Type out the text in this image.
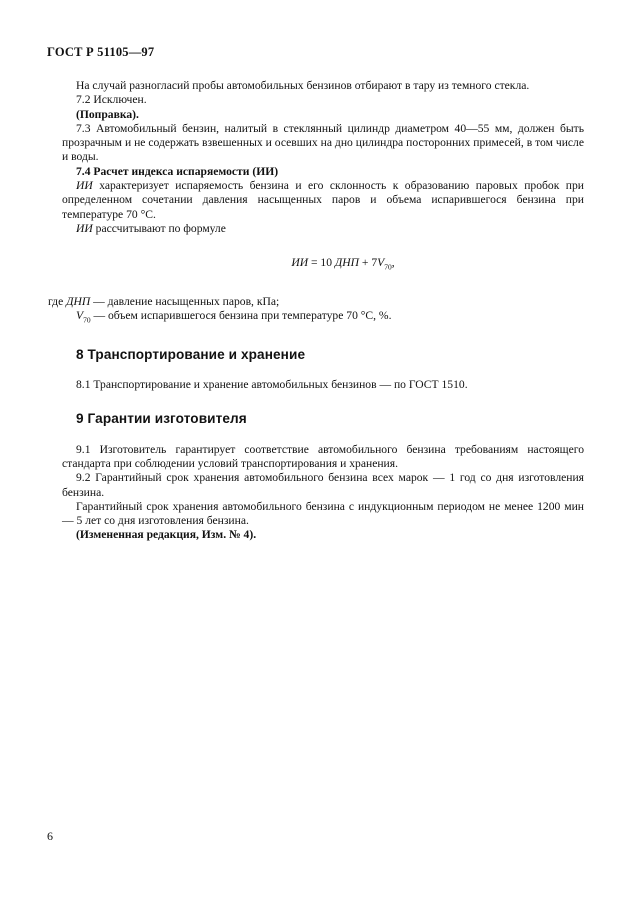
ГОСТ Р 51105—97

На случай разногласий пробы автомобильных бензинов отбирают в тару из темного стекла.

7.2 Исключен.

(Поправка).

7.3 Автомобильный бензин, налитый в стеклянный цилиндр диаметром 40—55 мм, должен быть прозрачным и не содержать взвешенных и осевших на дно цилиндра посторонних примесей, в том числе и воды.

7.4 Расчет индекса испаряемости (ИИ)

ИИ характеризует испаряемость бензина и его склонность к образованию паровых пробок при определенном сочетании давления насыщенных паров и объема испарившегося бензина при температуре 70 °С.

ИИ рассчитывают по формуле

ИИ = 10 ДНП + $7V_{70}$,

где ДНП — давление насыщенных паров, кПа;

$V_{70}$ — объем испарившегося бензина при температуре 70 °С, %.

8 Транспортирование и хранение

8.1 Транспортирование и хранение автомобильных бензинов — по ГОСТ 1510.

9 Гарантии изготовителя

9.1 Изготовитель гарантирует соответствие автомобильного бензина требованиям настоящего стандарта при соблюдении условий транспортирования и хранения.

9.2 Гарантийный срок хранения автомобильного бензина всех марок — 1 год со дня изготовления бензина.

Гарантийный срок хранения автомобильного бензина с индукционным периодом не менее 1200 мин — 5 лет со дня изготовления бензина.

(Измененная редакция, Изм. № 4).

6
